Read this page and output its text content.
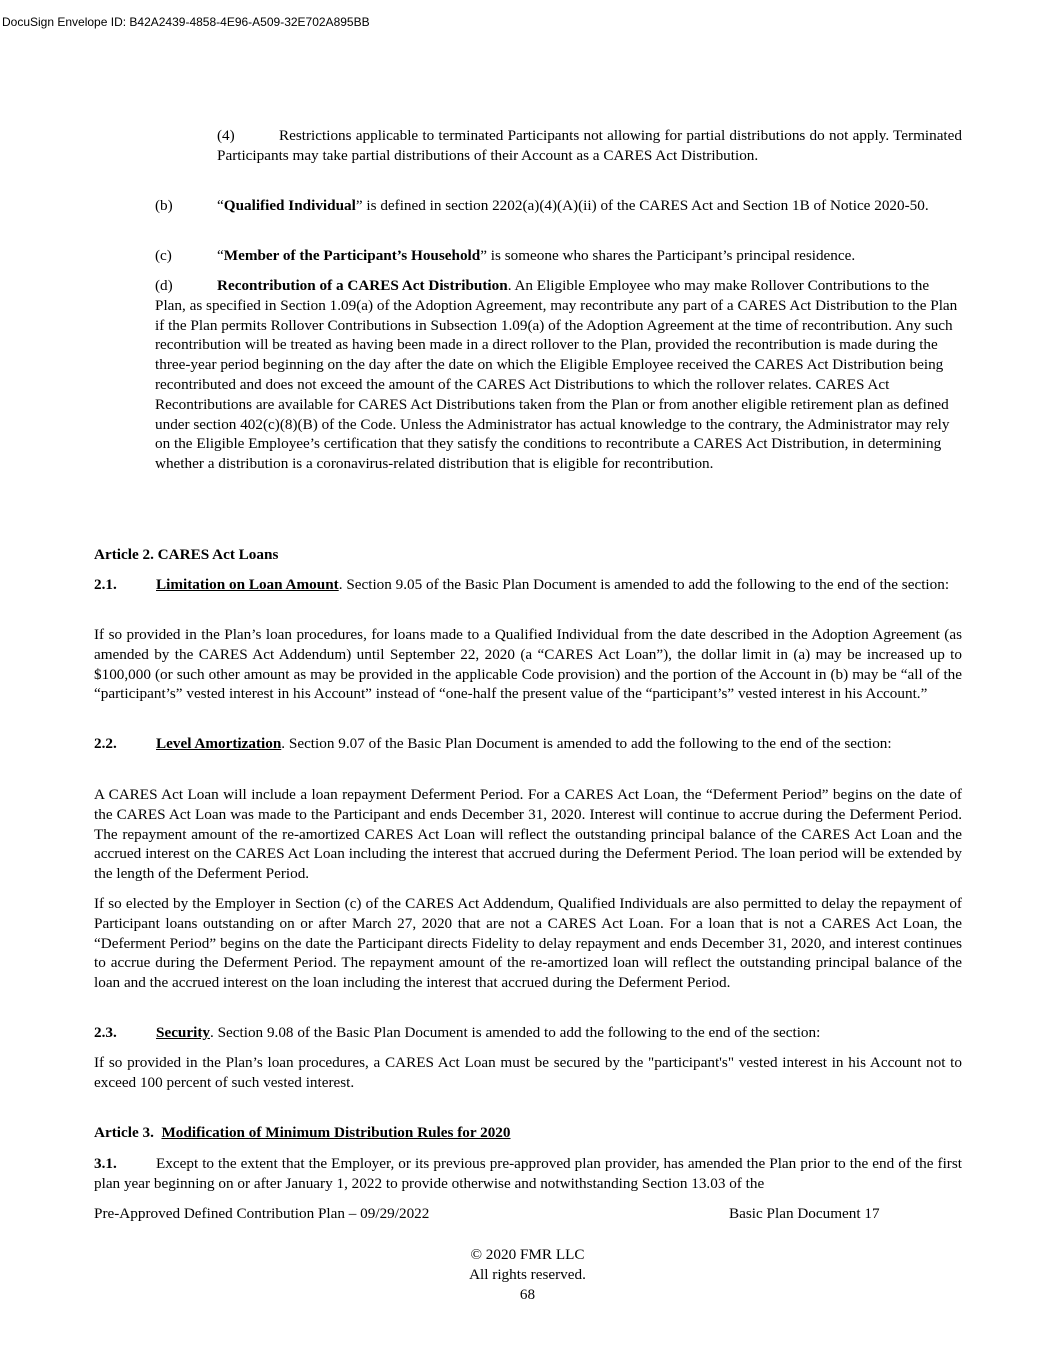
DocuSign Envelope ID: B42A2439-4858-4E96-A509-32E702A895BB

(4)	Restrictions applicable to terminated Participants not allowing for partial distributions do not apply. Terminated Participants may take partial distributions of their Account as a CARES Act Distribution.

(b)	“Qualified Individual” is defined in section 2202(a)(4)(A)(ii) of the CARES Act and Section 1B of Notice 2020-50.

(c)	“Member of the Participant’s Household” is someone who shares the Participant’s principal residence.

(d)	Recontribution of a CARES Act Distribution. An Eligible Employee who may make Rollover Contributions to the Plan, as specified in Section 1.09(a) of the Adoption Agreement, may recontribute any part of a CARES Act Distribution to the Plan if the Plan permits Rollover Contributions in Subsection 1.09(a) of the Adoption Agreement at the time of recontribution. Any such recontribution will be treated as having been made in a direct rollover to the Plan, provided the recontribution is made during the three-year period beginning on the day after the date on which the Eligible Employee received the CARES Act Distribution being recontributed and does not exceed the amount of the CARES Act Distributions to which the rollover relates. CARES Act Recontributions are available for CARES Act Distributions taken from the Plan or from another eligible retirement plan as defined under section 402(c)(8)(B) of the Code. Unless the Administrator has actual knowledge to the contrary, the Administrator may rely on the Eligible Employee’s certification that they satisfy the conditions to recontribute a CARES Act Distribution, in determining whether a distribution is a coronavirus-related distribution that is eligible for recontribution.

Article 2. CARES Act Loans

2.1.	Limitation on Loan Amount. Section 9.05 of the Basic Plan Document is amended to add the following to the end of the section:

If so provided in the Plan’s loan procedures, for loans made to a Qualified Individual from the date described in the Adoption Agreement (as amended by the CARES Act Addendum) until September 22, 2020 (a “CARES Act Loan”), the dollar limit in (a) may be increased up to $100,000 (or such other amount as may be provided in the applicable Code provision) and the portion of the Account in (b) may be “all of the “participant’s” vested interest in his Account” instead of “one-half the present value of the “participant’s” vested interest in his Account.”

2.2.	Level Amortization. Section 9.07 of the Basic Plan Document is amended to add the following to the end of the section:

A CARES Act Loan will include a loan repayment Deferment Period. For a CARES Act Loan, the “Deferment Period” begins on the date of the CARES Act Loan was made to the Participant and ends December 31, 2020. Interest will continue to accrue during the Deferment Period. The repayment amount of the re-amortized CARES Act Loan will reflect the outstanding principal balance of the CARES Act Loan and the accrued interest on the CARES Act Loan including the interest that accrued during the Deferment Period. The loan period will be extended by the length of the Deferment Period.

If so elected by the Employer in Section (c) of the CARES Act Addendum, Qualified Individuals are also permitted to delay the repayment of Participant loans outstanding on or after March 27, 2020 that are not a CARES Act Loan. For a loan that is not a CARES Act Loan, the “Deferment Period” begins on the date the Participant directs Fidelity to delay repayment and ends December 31, 2020, and interest continues to accrue during the Deferment Period. The repayment amount of the re-amortized loan will reflect the outstanding principal balance of the loan and the accrued interest on the loan including the interest that accrued during the Deferment Period.

2.3.	Security. Section 9.08 of the Basic Plan Document is amended to add the following to the end of the section:

If so provided in the Plan’s loan procedures, a CARES Act Loan must be secured by the "participant's" vested interest in his Account not to exceed 100 percent of such vested interest.

Article 3.  Modification of Minimum Distribution Rules for 2020

3.1.	Except to the extent that the Employer, or its previous pre-approved plan provider, has amended the Plan prior to the end of the first plan year beginning on or after January 1, 2022 to provide otherwise and notwithstanding Section 13.03 of the

Pre-Approved Defined Contribution Plan – 09/29/2022	Basic Plan Document 17
© 2020 FMR LLC
All rights reserved.
68
